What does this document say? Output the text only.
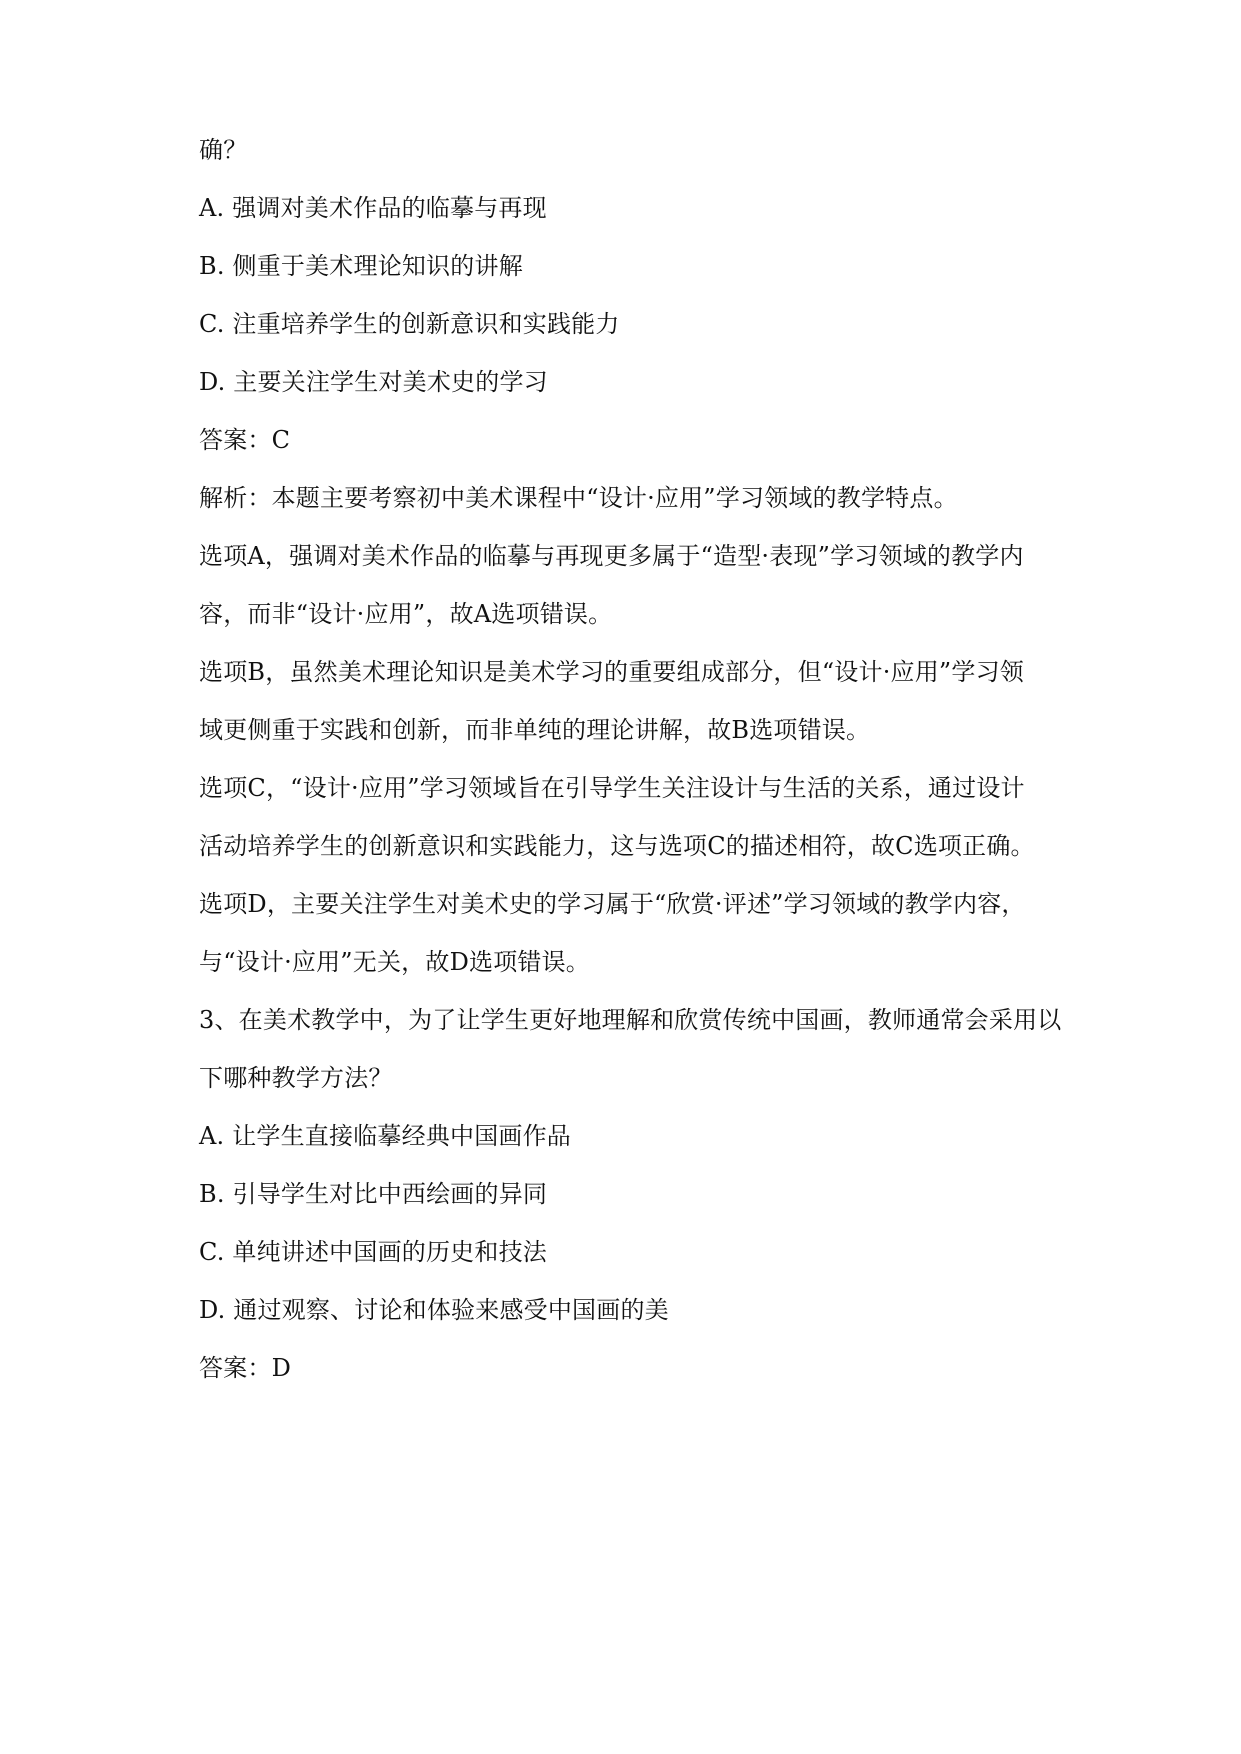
确？
A. 强调对美术作品的临摹与再现
B. 侧重于美术理论知识的讲解
C. 注重培养学生的创新意识和实践能力
D. 主要关注学生对美术史的学习
答案：C
解析：本题主要考察初中美术课程中“设计·应用”学习领域的教学特点。
选项A，强调对美术作品的临摹与再现更多属于“造型·表现”学习领域的教学内
容，而非“设计·应用”，故A选项错误。
选项B，虽然美术理论知识是美术学习的重要组成部分，但“设计·应用”学习领
域更侧重于实践和创新，而非单纯的理论讲解，故B选项错误。
选项C，“设计·应用”学习领域旨在引导学生关注设计与生活的关系，通过设计
活动培养学生的创新意识和实践能力，这与选项C的描述相符，故C选项正确。
选项D，主要关注学生对美术史的学习属于“欣赏·评述”学习领域的教学内容，
与“设计·应用”无关，故D选项错误。
3、在美术教学中，为了让学生更好地理解和欣赏传统中国画，教师通常会采用以
下哪种教学方法？
A. 让学生直接临摹经典中国画作品
B. 引导学生对比中西绘画的异同
C. 单纯讲述中国画的历史和技法
D. 通过观察、讨论和体验来感受中国画的美
答案：D
